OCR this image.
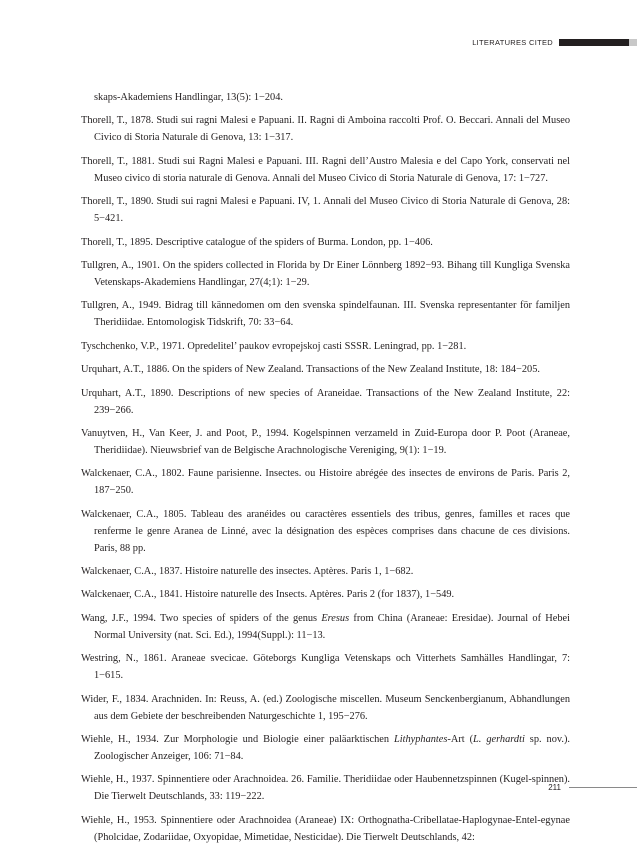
LITERATURES CITED
skaps-Akademiens Handlingar, 13(5): 1−204.
Thorell, T., 1878. Studi sui ragni Malesi e Papuani. II. Ragni di Amboina raccolti Prof. O. Beccari. Annali del Museo Civico di Storia Naturale di Genova, 13: 1−317.
Thorell, T., 1881. Studi sui Ragni Malesi e Papuani. III. Ragni dell’Austro Malesia e del Capo York, conservati nel Museo civico di storia naturale di Genova. Annali del Museo Civico di Storia Naturale di Genova, 17: 1−727.
Thorell, T., 1890. Studi sui ragni Malesi e Papuani. IV, 1. Annali del Museo Civico di Storia Naturale di Genova, 28: 5−421.
Thorell, T., 1895. Descriptive catalogue of the spiders of Burma. London, pp. 1−406.
Tullgren, A., 1901. On the spiders collected in Florida by Dr Einer Lönnberg 1892−93. Bihang till Kungliga Svenska Vetenskaps-Akademiens Handlingar, 27(4;1): 1−29.
Tullgren, A., 1949. Bidrag till kännedomen om den svenska spindelfaunan. III. Svenska representanter för familjen Theridiidae. Entomologisk Tidskrift, 70: 33−64.
Tyschchenko, V.P., 1971. Opredelitel’ paukov evropejskoj casti SSSR. Leningrad, pp. 1−281.
Urquhart, A.T., 1886. On the spiders of New Zealand. Transactions of the New Zealand Institute, 18: 184−205.
Urquhart, A.T., 1890. Descriptions of new species of Araneidae. Transactions of the New Zealand Institute, 22: 239−266.
Vanuytven, H., Van Keer, J. and Poot, P., 1994. Kogelspinnen verzameld in Zuid-Europa door P. Poot (Araneae, Theridiidae). Nieuwsbrief van de Belgische Arachnologische Vereniging, 9(1): 1−19.
Walckenaer, C.A., 1802. Faune parisienne. Insectes. ou Histoire abrégée des insectes de environs de Paris. Paris 2, 187−250.
Walckenaer, C.A., 1805. Tableau des aranéides ou caractères essentiels des tribus, genres, familles et races que renferme le genre Aranea de Linné, avec la désignation des espèces comprises dans chacune de ces divisions. Paris, 88 pp.
Walckenaer, C.A., 1837. Histoire naturelle des insectes. Aptères. Paris 1, 1−682.
Walckenaer, C.A., 1841. Histoire naturelle des Insects. Aptères. Paris 2 (for 1837), 1−549.
Wang, J.F., 1994. Two species of spiders of the genus Eresus from China (Araneae: Eresidae). Journal of Hebei Normal University (nat. Sci. Ed.), 1994(Suppl.): 11−13.
Westring, N., 1861. Araneae svecicae. Göteborgs Kungliga Vetenskaps och Vitterhets Samhälles Handlingar, 7: 1−615.
Wider, F., 1834. Arachniden. In: Reuss, A. (ed.) Zoologische miscellen. Museum Senckenbergianum, Abhandlungen aus dem Gebiete der beschreibenden Naturgeschichte 1, 195−276.
Wiehle, H., 1934. Zur Morphologie und Biologie einer paläarktischen Lithyphantes-Art (L. gerhardti sp. nov.). Zoologischer Anzeiger, 106: 71−84.
Wiehle, H., 1937. Spinnentiere oder Arachnoidea. 26. Familie. Theridiidae oder Haubennetzspinnen (Kugel-spinnen). Die Tierwelt Deutschlands, 33: 119−222.
Wiehle, H., 1953. Spinnentiere oder Arachnoidea (Araneae) IX: Orthognatha-Cribellatae-Haplogynae-Entel-egynae (Pholcidae, Zodariidae, Oxyopidae, Mimetidae, Nesticidae). Die Tierwelt Deutschlands, 42:
211
